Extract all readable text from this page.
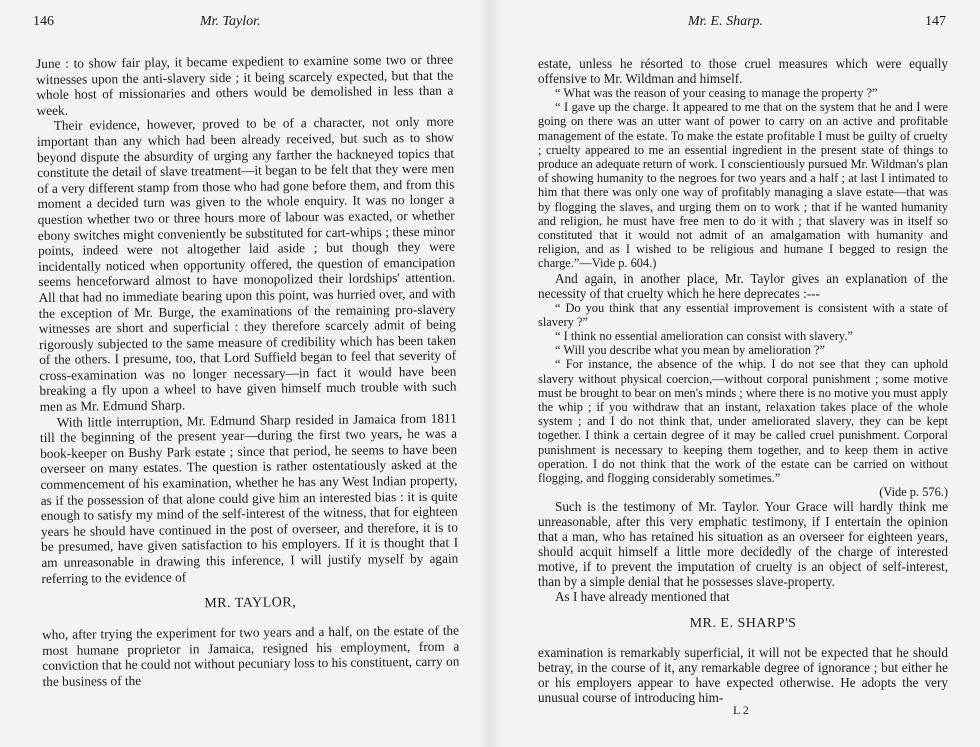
146	Mr. Taylor.

June : to show fair play, it became expedient to examine some two or three witnesses upon the anti-slavery side ; it being scarcely expected, but that the whole host of missionaries and others would be demolished in less than a week.

Their evidence, however, proved to be of a character, not only more important than any which had been already received, but such as to show beyond dispute the absurdity of urging any farther the hackneyed topics that constitute the detail of slave treatment—it began to be felt that they were men of a very different stamp from those who had gone before them, and from this moment a decided turn was given to the whole enquiry. It was no longer a question whether two or three hours more of labour was exacted, or whether ebony switches might conveniently be substituted for cart-whips ; these minor points, indeed were not altogether laid aside ; but though they were incidentally noticed when opportunity offered, the question of emancipation seems henceforward almost to have monopolized their lordships' attention. All that had no immediate bearing upon this point, was hurried over, and with the exception of Mr. Burge, the examinations of the remaining pro-slavery witnesses are short and superficial : they therefore scarcely admit of being rigorously subjected to the same measure of credibility which has been taken of the others. I presume, too, that Lord Suffield began to feel that severity of cross-examination was no longer necessary—in fact it would have been breaking a fly upon a wheel to have given himself much trouble with such men as Mr. Edmund Sharp.

With little interruption, Mr. Edmund Sharp resided in Jamaica from 1811 till the beginning of the present year—during the first two years, he was a book-keeper on Bushy Park estate ; since that period, he seems to have been overseer on many estates. The question is rather ostentatiously asked at the commencement of his examination, whether he has any West Indian property, as if the possession of that alone could give him an interested bias : it is quite enough to satisfy my mind of the self-interest of the witness, that for eighteen years he should have continued in the post of overseer, and therefore, it is to be presumed, have given satisfaction to his employers. If it is thought that I am unreasonable in drawing this inference, I will justify myself by again referring to the evidence of

MR. TAYLOR,

who, after trying the experiment for two years and a half, on the estate of the most humane proprietor in Jamaica, resigned his employment, from a conviction that he could not without pecuniary loss to his constituent, carry on the business of the

Mr. E. Sharp.	147

estate, unless he résorted to those cruel measures which were equally offensive to Mr. Wildman and himself.

“ What was the reason of your ceasing to manage the property ?”

“ I gave up the charge. It appeared to me that on the system that he and I were going on there was an utter want of power to carry on an active and profitable management of the estate. To make the estate profitable I must be guilty of cruelty ; cruelty appeared to me an essential ingredient in the present state of things to produce an adequate return of work. I conscientiously pursued Mr. Wildman's plan of showing humanity to the negroes for two years and a half ; at last I intimated to him that there was only one way of profitably managing a slave estate—that was by flogging the slaves, and urging them on to work ; that if he wanted humanity and religion, he must have free men to do it with ; that slavery was in itself so constituted that it would not admit of an amalgamation with humanity and religion, and as I wished to be religious and humane I begged to resign the charge.”—Vide p. 604.)

And again, in another place, Mr. Taylor gives an explanation of the necessity of that cruelty which he here deprecates :---

“ Do you think that any essential improvement is consistent with a state of slavery ?”

“ I think no essential amelioration can consist with slavery.”

“ Will you describe what you mean by amelioration ?”

“ For instance, the absence of the whip. I do not see that they can uphold slavery without physical coercion,—without corporal punishment ; some motive must be brought to bear on men's minds ; where there is no motive you must apply the whip ; if you withdraw that an instant, relaxation takes place of the whole system ; and I do not think that, under ameliorated slavery, they can be kept together. I think a certain degree of it may be called cruel punishment. Corporal punishment is necessary to keeping them together, and to keep them in active operation. I do not think that the work of the estate can be carried on without flogging, and flogging considerably sometimes.”

(Vide p. 576.)

Such is the testimony of Mr. Taylor. Your Grace will hardly think me unreasonable, after this very emphatic testimony, if I entertain the opinion that a man, who has retained his situation as an overseer for eighteen years, should acquit himself a little more decidedly of the charge of interested motive, if to prevent the imputation of cruelty is an object of self-interest, than by a simple denial that he possesses slave-property.

As I have already mentioned that

MR. E. SHARP'S

examination is remarkably superficial, it will not be expected that he should betray, in the course of it, any remarkable degree of ignorance ; but either he or his employers appear to have expected otherwise. He adopts the very unusual course of introducing him-

L 2
